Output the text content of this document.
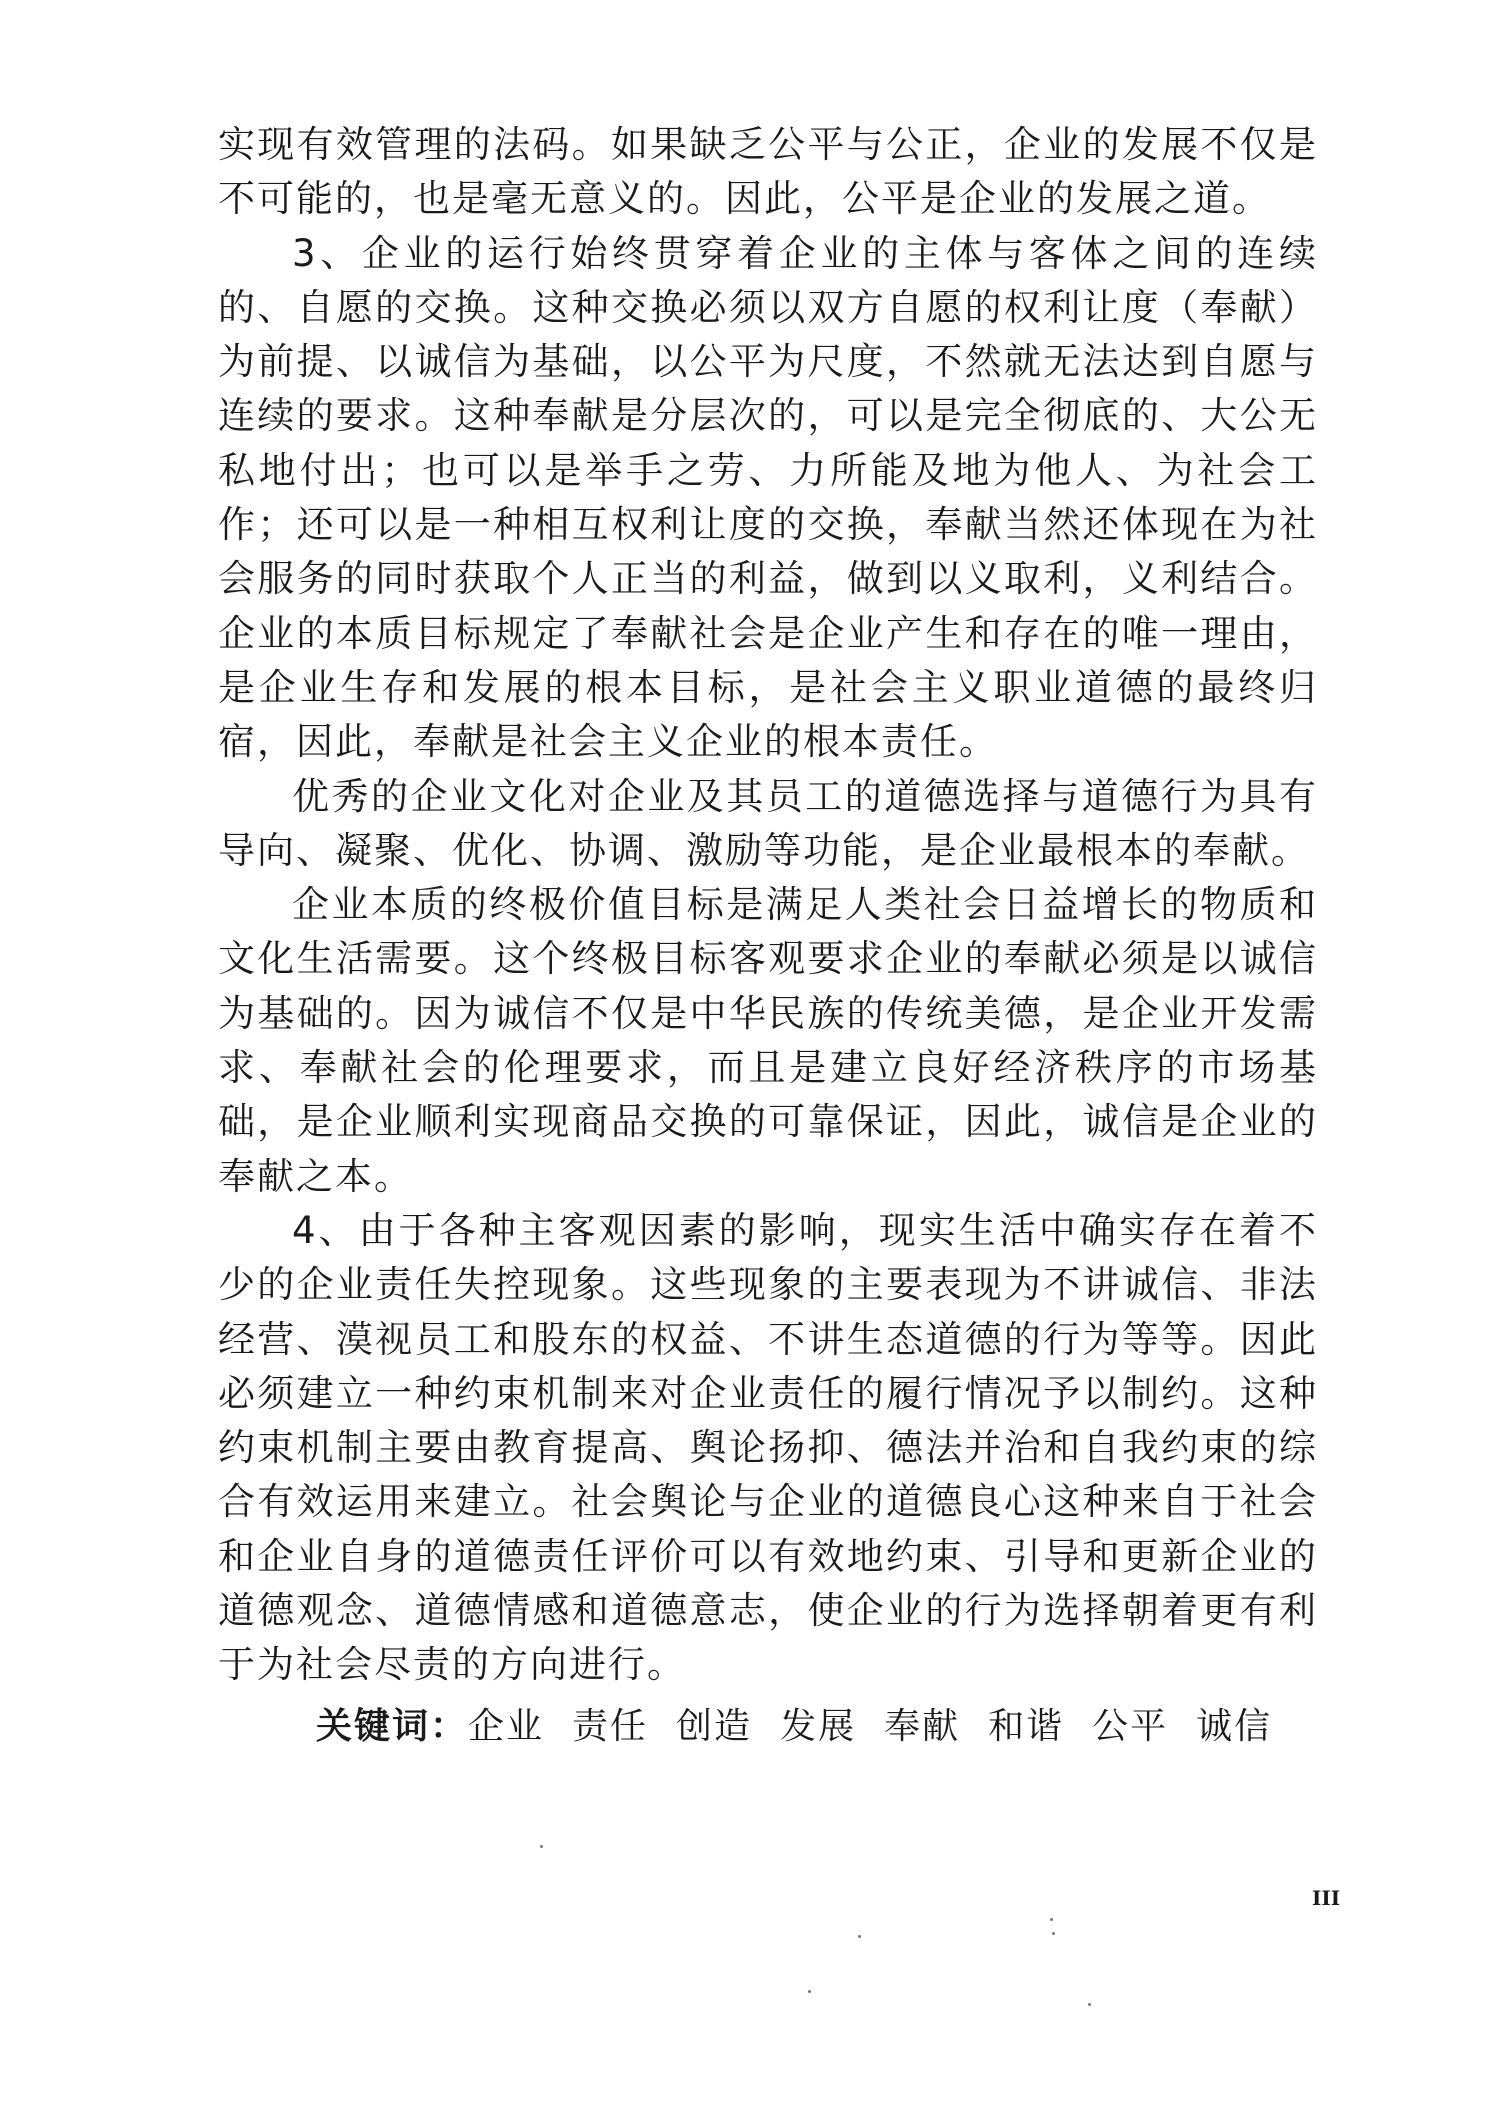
实现有效管理的法码。如果缺乏公平与公正，企业的发展不仅是不可能的，也是毫无意义的。因此，公平是企业的发展之道。

3、企业的运行始终贯穿着企业的主体与客体之间的连续的、自愿的交换。这种交换必须以双方自愿的权利让度（奉献）为前提、以诚信为基础，以公平为尺度，不然就无法达到自愿与连续的要求。这种奉献是分层次的，可以是完全彻底的、大公无私地付出；也可以是举手之劳、力所能及地为他人、为社会工作；还可以是一种相互权利让度的交换，奉献当然还体现在为社会服务的同时获取个人正当的利益，做到以义取利，义利结合。企业的本质目标规定了奉献社会是企业产生和存在的唯一理由，是企业生存和发展的根本目标，是社会主义职业道德的最终归宿，因此，奉献是社会主义企业的根本责任。

优秀的企业文化对企业及其员工的道德选择与道德行为具有导向、凝聚、优化、协调、激励等功能，是企业最根本的奉献。

企业本质的终极价值目标是满足人类社会日益增长的物质和文化生活需要。这个终极目标客观要求企业的奉献必须是以诚信为基础的。因为诚信不仅是中华民族的传统美德，是企业开发需求、奉献社会的伦理要求，而且是建立良好经济秩序的市场基础，是企业顺利实现商品交换的可靠保证，因此，诚信是企业的奉献之本。

4、由于各种主客观因素的影响，现实生活中确实存在着不少的企业责任失控现象。这些现象的主要表现为不讲诚信、非法经营、漠视员工和股东的权益、不讲生态道德的行为等等。因此必须建立一种约束机制来对企业责任的履行情况予以制约。这种约束机制主要由教育提高、舆论扬抑、德法并治和自我约束的综合有效运用来建立。社会舆论与企业的道德良心这种来自于社会和企业自身的道德责任评价可以有效地约束、引导和更新企业的道德观念、道德情感和道德意志，使企业的行为选择朝着更有利于为社会尽责的方向进行。

关键词：企业 责任 创造 发展 奉献 和谐 公平 诚信
III
